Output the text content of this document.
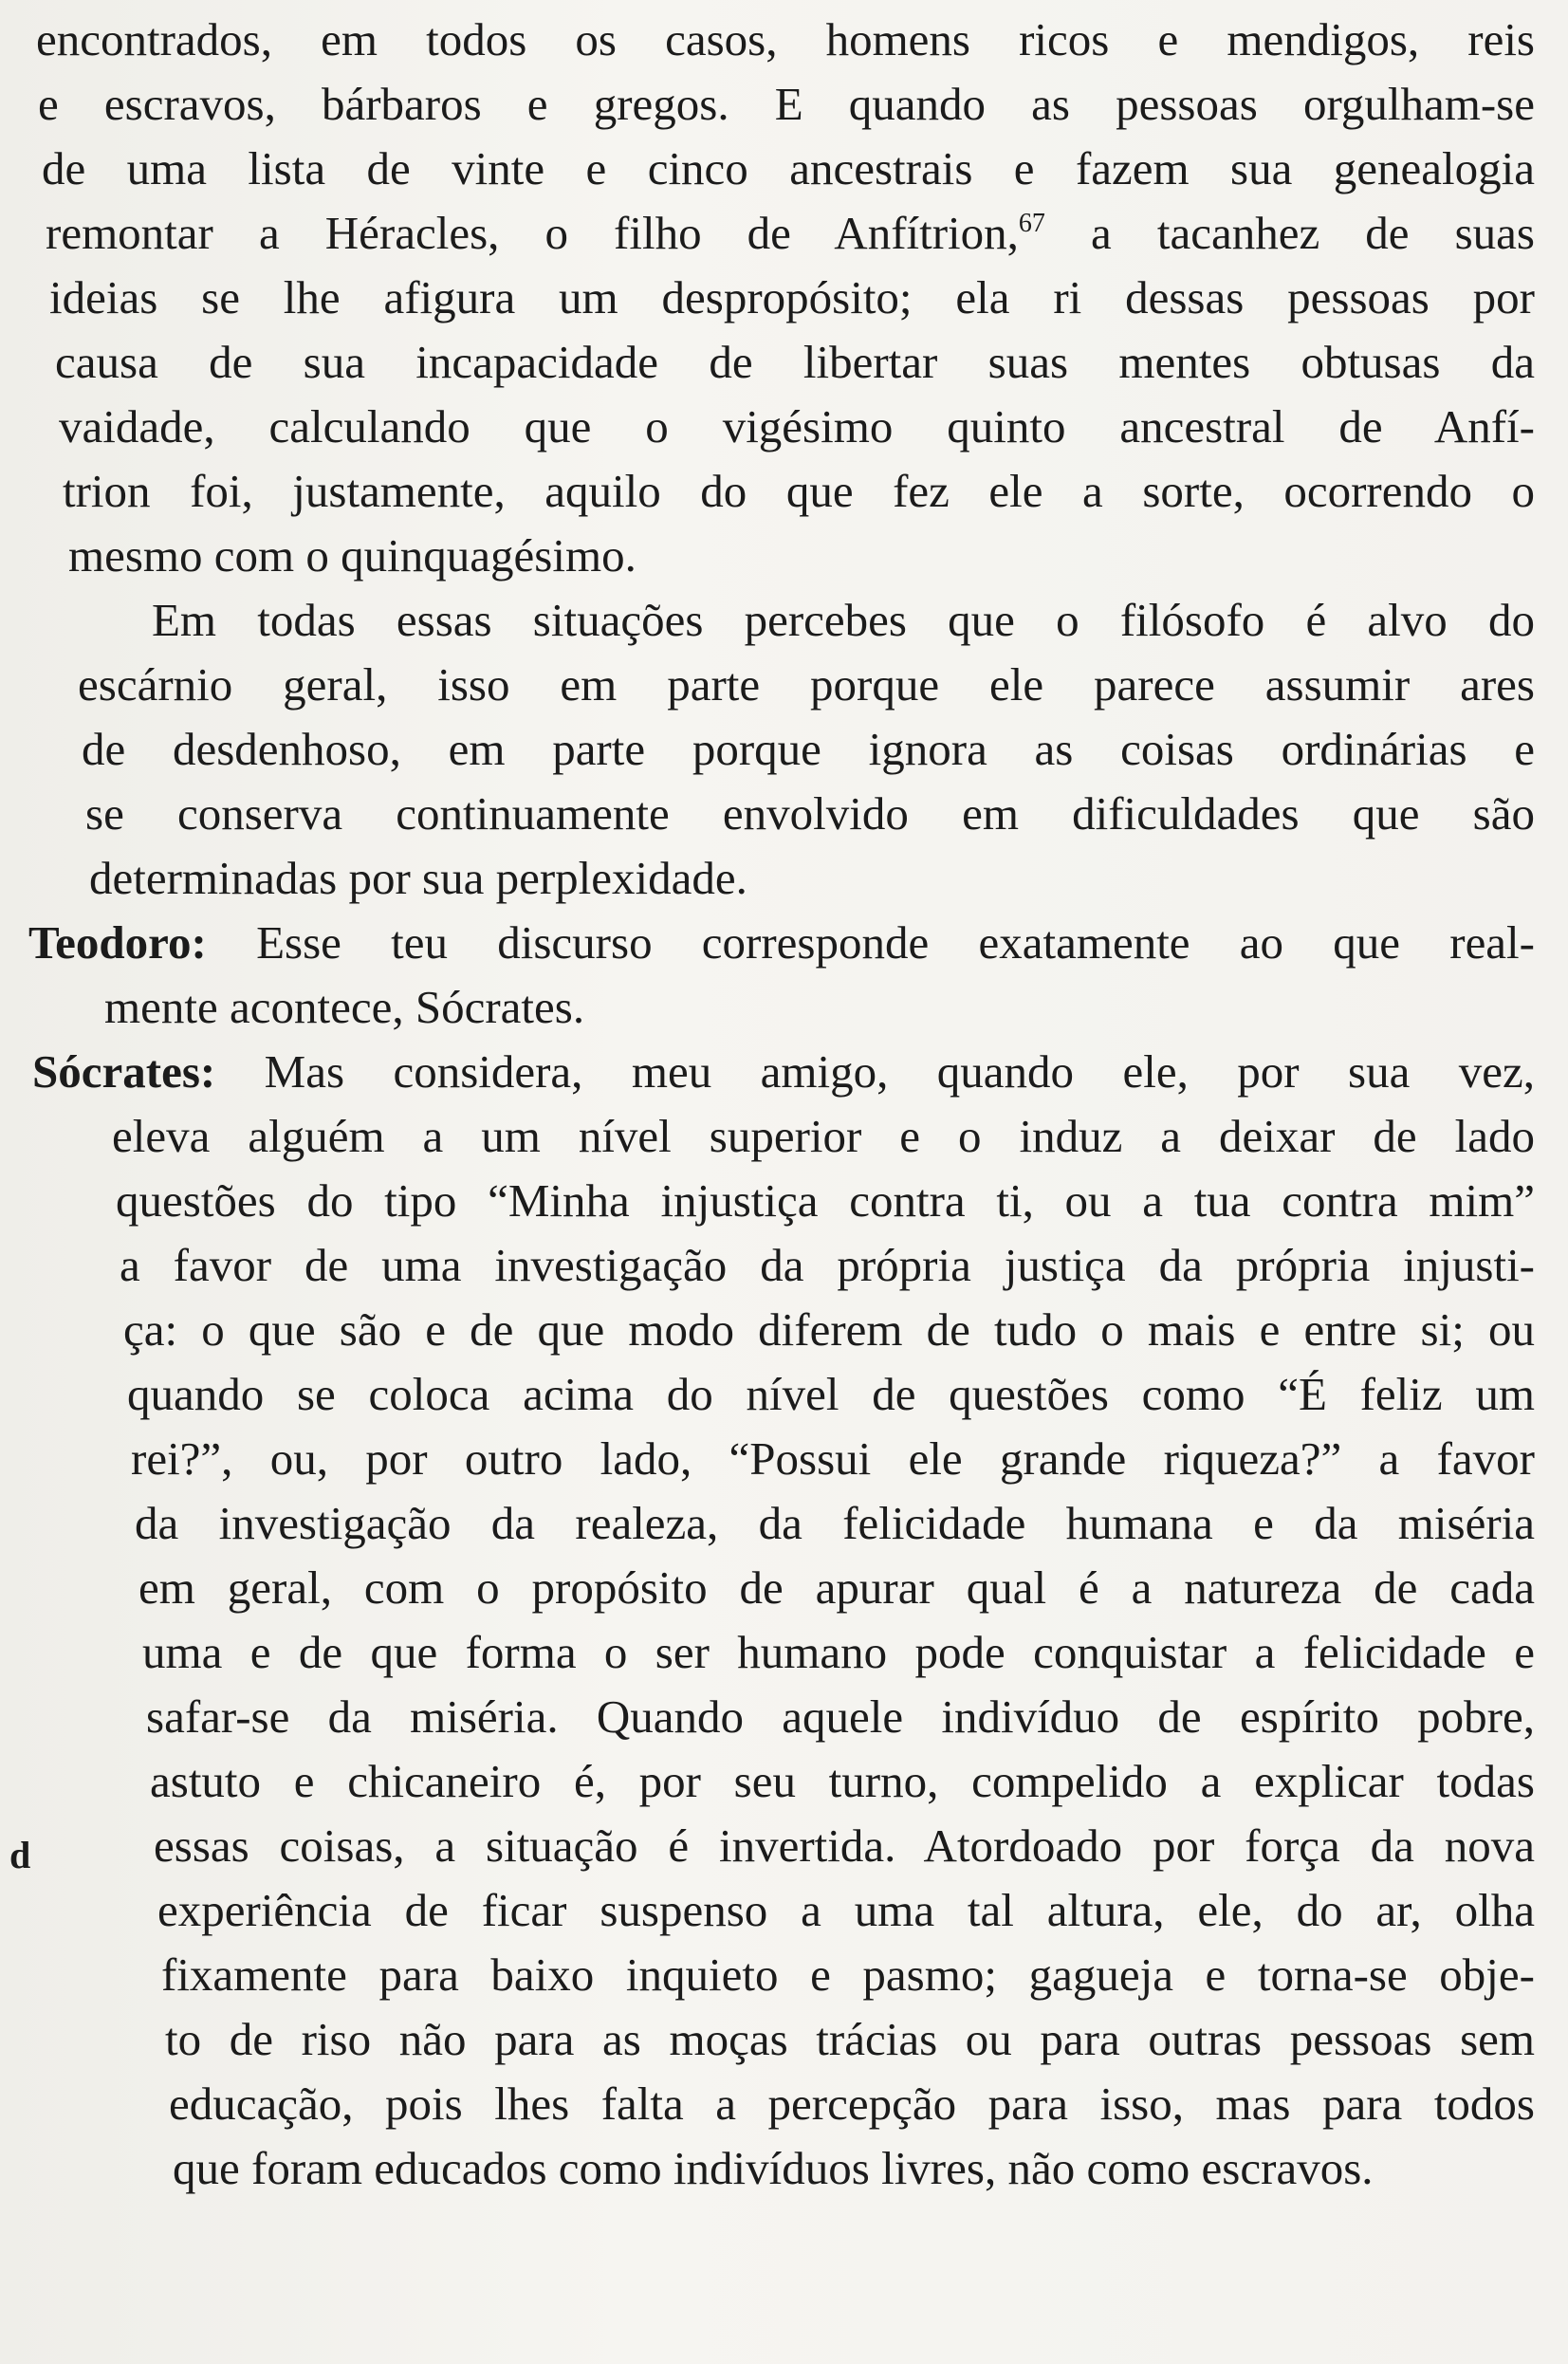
encontrados, em todos os casos, homens ricos e mendigos, reis
e escravos, bárbaros e gregos. E quando as pessoas orgulham-se
de uma lista de vinte e cinco ancestrais e fazem sua genealogia
remontar a Héracles, o filho de Anfítrion,$^{67}$ a tacanhez de suas
ideias se lhe afigura um despropósito; ela ri dessas pessoas por
causa de sua incapacidade de libertar suas mentes obtusas da
vaidade, calculando que o vigésimo quinto ancestral de Anfí-
trion foi, justamente, aquilo do que fez ele a sorte, ocorrendo o
mesmo com o quinquagésimo.
Em todas essas situações percebes que o filósofo é alvo do
escárnio geral, isso em parte porque ele parece assumir ares
de desdenhoso, em parte porque ignora as coisas ordinárias e
se conserva continuamente envolvido em dificuldades que são
determinadas por sua perplexidade.
Teodoro: Esse teu discurso corresponde exatamente ao que real-
mente acontece, Sócrates.
Sócrates: Mas considera, meu amigo, quando ele, por sua vez,
eleva alguém a um nível superior e o induz a deixar de lado
questões do tipo “Minha injustiça contra ti, ou a tua contra mim”
a favor de uma investigação da própria justiça da própria injusti-
ça: o que são e de que modo diferem de tudo o mais e entre si; ou
quando se coloca acima do nível de questões como “É feliz um
rei?”, ou, por outro lado, “Possui ele grande riqueza?” a favor
da investigação da realeza, da felicidade humana e da miséria
em geral, com o propósito de apurar qual é a natureza de cada
uma e de que forma o ser humano pode conquistar a felicidade e
safar-se da miséria. Quando aquele indivíduo de espírito pobre,
astuto e chicaneiro é, por seu turno, compelido a explicar todas
essas coisas, a situação é invertida. Atordoado por força da nova
experiência de ficar suspenso a uma tal altura, ele, do ar, olha
fixamente para baixo inquieto e pasmo; gagueja e torna-se obje-
to de riso não para as moças trácias ou para outras pessoas sem
educação, pois lhes falta a percepção para isso, mas para todos
que foram educados como indivíduos livres, não como escravos.
d
